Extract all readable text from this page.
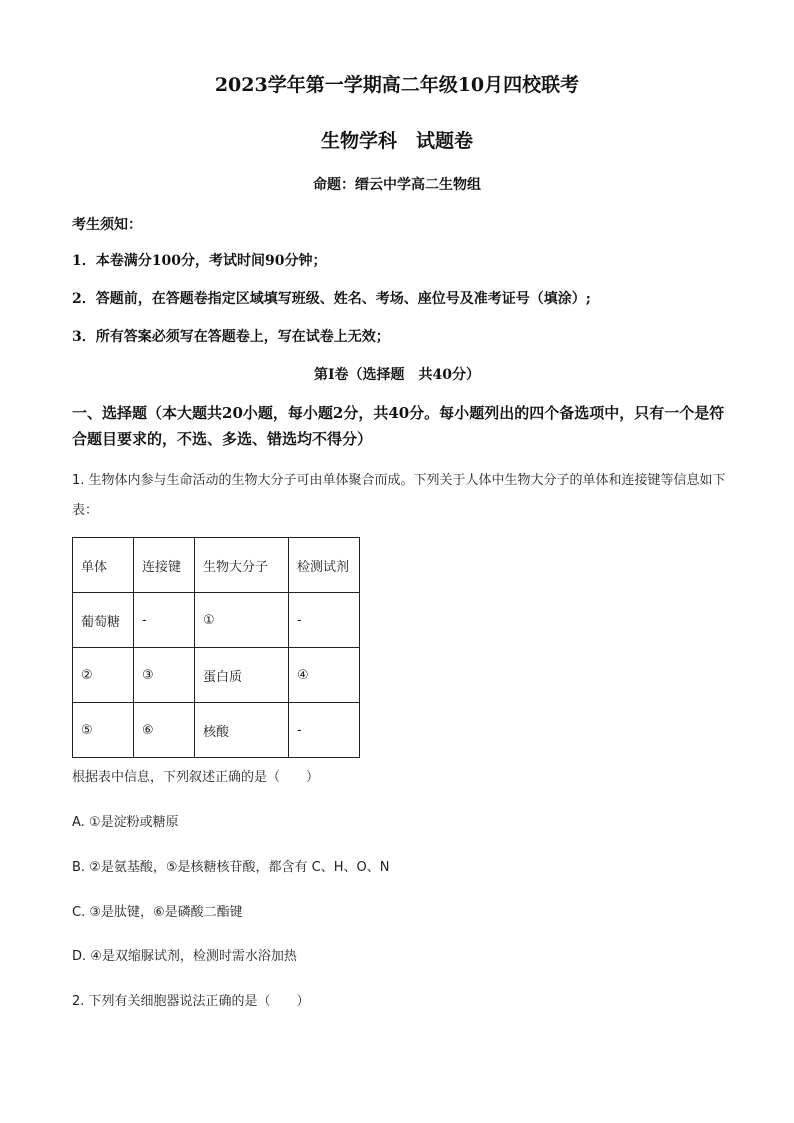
2023学年第一学期高二年级10月四校联考
生物学科　试题卷
命题：缙云中学高二生物组
考生须知：
1．本卷满分100分，考试时间90分钟；
2．答题前，在答题卷指定区域填写班级、姓名、考场、座位号及准考证号（填涂）;
3．所有答案必须写在答题卷上，写在试卷上无效；
第Ⅰ卷（选择题　共40分）
一、选择题（本大题共20小题，每小题2分，共40分。每小题列出的四个备选项中，只有一个是符合题目要求的，不选、多选、错选均不得分）
1. 生物体内参与生命活动的生物大分子可由单体聚合而成。下列关于人体中生物大分子的单体和连接键等信息如下表：
单体	连接键	生物大分子	检测试剂
葡萄糖	-	①	-
②	③	蛋白质	④
⑤	⑥	核酸	-
根据表中信息，下列叙述正确的是（　　）
A. ①是淀粉或糖原
B. ②是氨基酸，⑤是核糖核苷酸，都含有 C、H、O、N
C. ③是肽键，⑥是磷酸二酯键
D. ④是双缩脲试剂，检测时需水浴加热
2. 下列有关细胞器说法正确的是（　　）
